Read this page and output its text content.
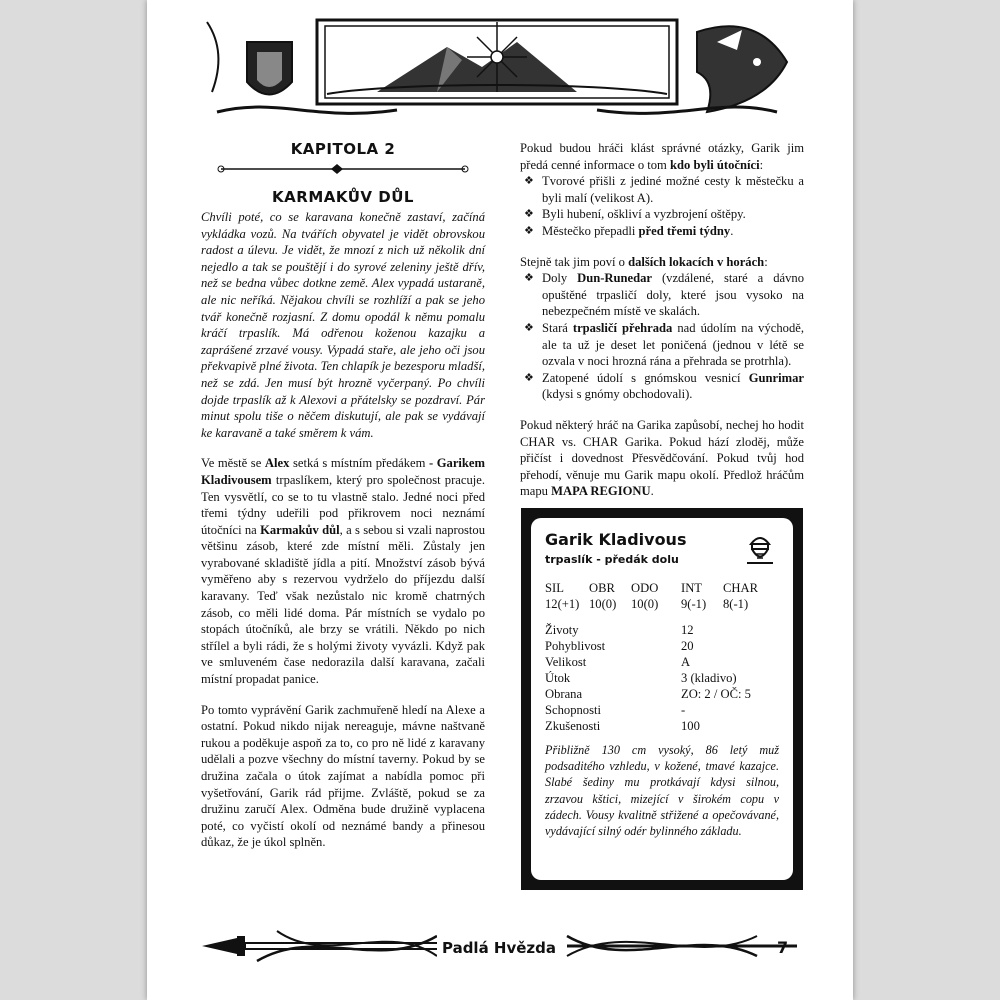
KAPITOLA 2
KARMAKŮV DŮL

Chvíli poté, co se karavana konečně zastaví, začíná vykládka vozů. Na tvářích obyvatel je vidět obrovskou radost a úlevu. Je vidět, že mnozí z nich už několik dní nejedlo a tak se pouštějí i do syrové zeleniny ještě dřív, než se bedna vůbec dotkne země. Alex vypadá ustaraně, ale nic neříká. Nějakou chvíli se rozhlíží a pak se jeho tvář konečně rozjasní. Z domu opodál k němu pomalu kráčí trpaslík. Má odřenou koženou kazajku a zaprášené zrzavé vousy. Vypadá staře, ale jeho oči jsou překvapivě plné života. Ten chlapík je bezesporu mladší, než se zdá. Jen musí být hrozně vyčerpaný. Po chvíli dojde trpaslík až k Alexovi a přátelsky se pozdraví. Pár minut spolu tiše o něčem diskutují, ale pak se vydávají ke karavaně a také směrem k vám.

Ve městě se Alex setká s místním předákem - Garikem Kladivousem trpaslíkem, který pro společnost pracuje. Ten vysvětlí, co se to tu vlastně stalo. Jedné noci před třemi týdny udeřili pod přikrovem noci neznámí útočníci na Karmakův důl, a s sebou si vzali naprostou většinu zásob, které zde místní měli. Zůstaly jen vyrabované skladiště jídla a pití. Množství zásob bývá vyměřeno aby s rezervou vydrželo do příjezdu další karavany. Teď však nezůstalo nic kromě chatrných zásob, co měli lidé doma. Pár místních se vydalo po stopách útočníků, ale brzy se vrátili. Někdo po nich střílel a byli rádi, že s holými životy vyvázli. Když pak ve smluveném čase nedorazila další karavana, začali místní propadat panice.

Po tomto vyprávění Garik zachmuřeně hledí na Alexe a ostatní. Pokud nikdo nijak nereaguje, mávne naštvaně rukou a poděkuje aspoň za to, co pro ně lidé z karavany udělali a pozve všechny do místní taverny. Pokud by se družina začala o útok zajímat a nabídla pomoc při vyšetřování, Garik rád přijme. Zvláště, pokud se za družinu zaručí Alex. Odměna bude družině vyplacena poté, co vyčistí okolí od neznámé bandy a přinesou důkaz, že je úkol splněn.

Pokud budou hráči klást správné otázky, Garik jim předá cenné informace o tom kdo byli útočníci:

❖ Tvorové přišli z jediné možné cesty k městečku a byli malí (velikost A).
❖ Byli hubení, oškliví a vyzbrojení oštěpy.
❖ Městečko přepadli před třemi týdny.

Stejně tak jim poví o dalších lokacích v horách:

❖ Doly Dun-Runedar (vzdálené, staré a dávno opuštěné trpasličí doly, které jsou vysoko na nebezpečném místě ve skalách.
❖ Stará trpasličí přehrada nad údolím na východě, ale ta už je deset let poničená (jednou v létě se ozvala v noci hrozná rána a přehrada se protrhla).
❖ Zatopené údolí s gnómskou vesnicí Gunrimar (kdysi s gnómy obchodovali).

Pokud některý hráč na Garika zapůsobí, nechej ho hodit CHAR vs. CHAR Garika. Pokud hází zloděj, může přičíst i dovednost Přesvědčování. Pokud tvůj hod přehodí, věnuje mu Garik mapu okolí. Předlož hráčům mapu MAPA REGIONU.

Garik Kladivous
trpaslík - předák dolu
SIL	OBR	ODO	INT	CHAR
12(+1)	10(0)	10(0)	9(-1)	8(-1)
Životy	12
Pohyblivost	20
Velikost	A
Útok	3 (kladivo)
Obrana	ZO: 2 / OČ: 5
Schopnosti	-
Zkušenosti	100
Přibližně 130 cm vysoký, 86 letý muž podsaditého vzhledu, v kožené, tmavé kazajce. Slabé šediny mu protkávají kdysi silnou, zrzavou kštici, mizející v širokém copu v zádech. Vousy kvalitně střižené a opečovávané, vydávající silný odér bylinného základu.
Padlá Hvězda	7
